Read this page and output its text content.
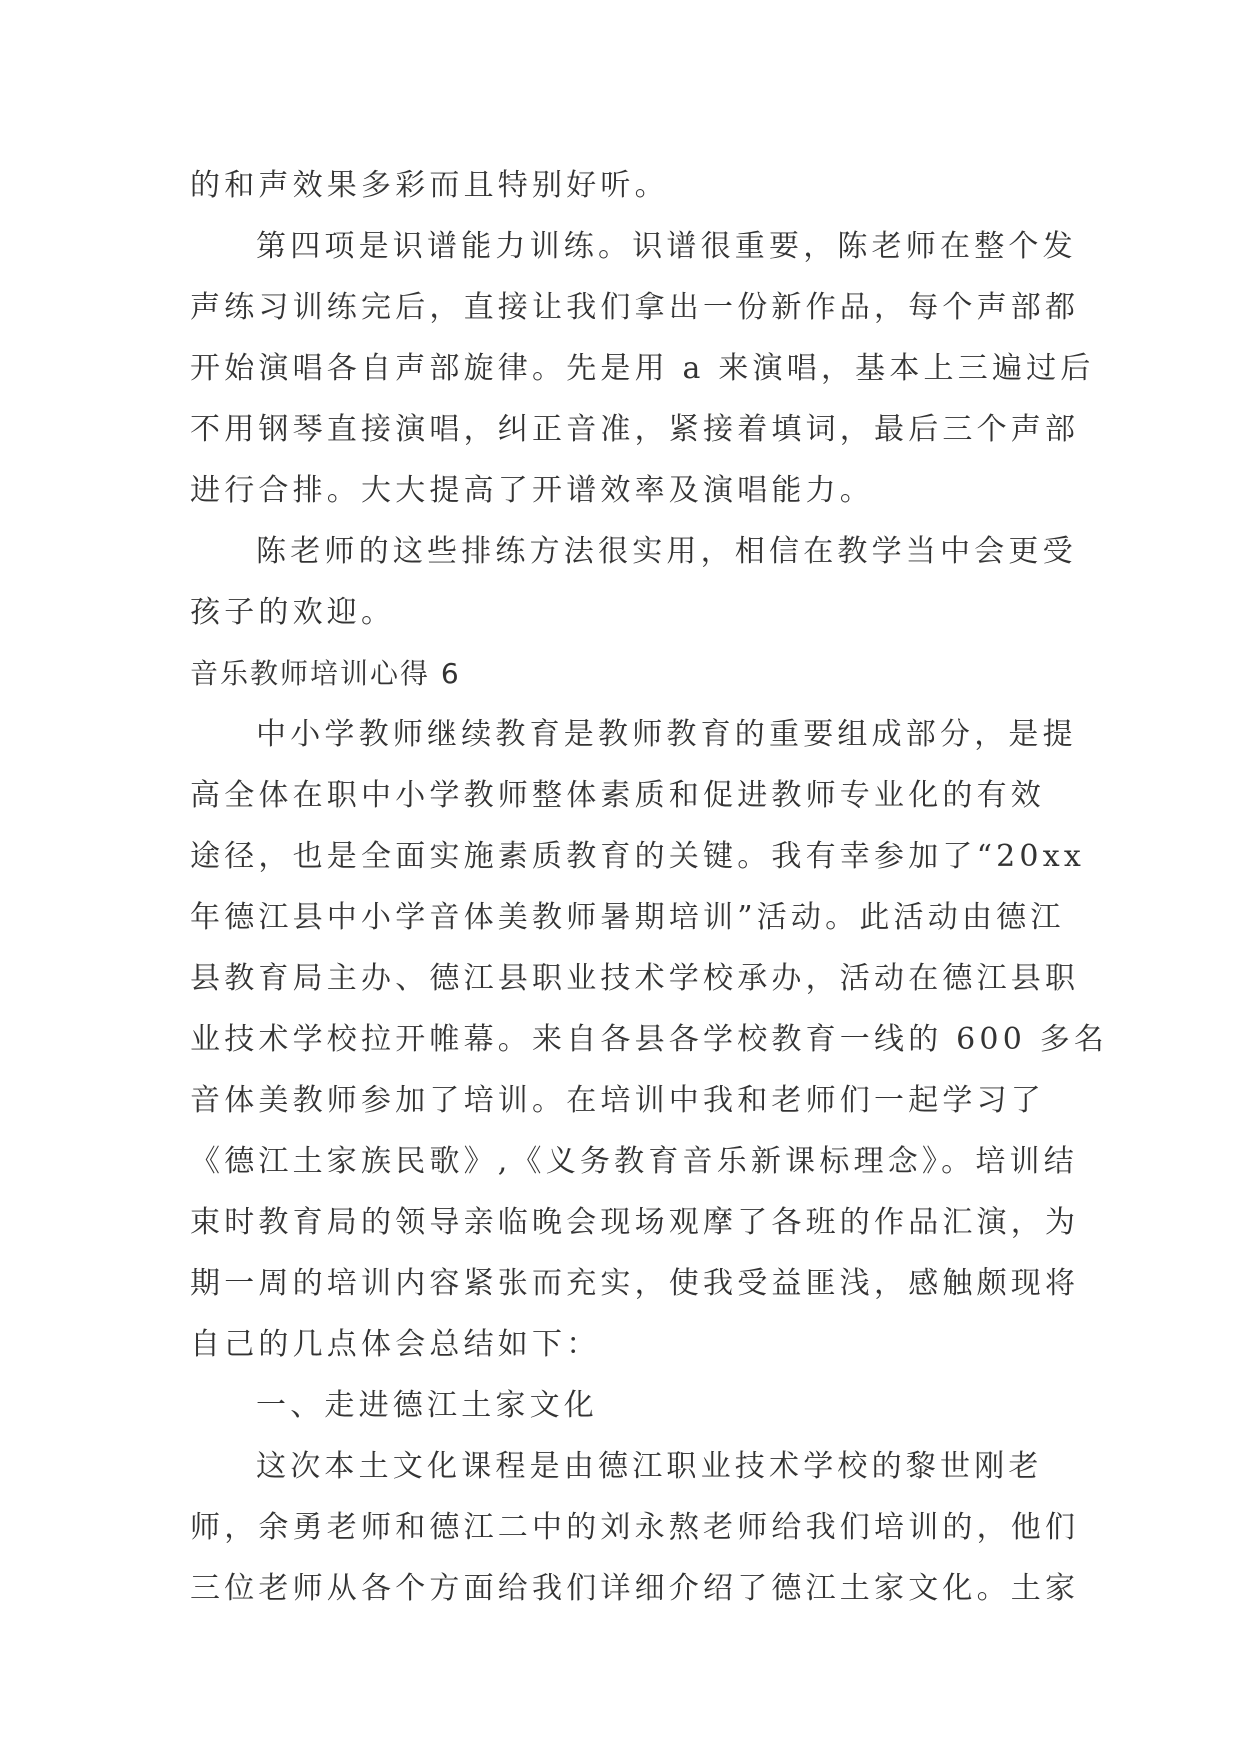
的和声效果多彩而且特别好听。
第四项是识谱能力训练。识谱很重要，陈老师在整个发
声练习训练完后，直接让我们拿出一份新作品，每个声部都
开始演唱各自声部旋律。先是用 a 来演唱，基本上三遍过后
不用钢琴直接演唱，纠正音准，紧接着填词，最后三个声部
进行合排。大大提高了开谱效率及演唱能力。
陈老师的这些排练方法很实用，相信在教学当中会更受
孩子的欢迎。
音乐教师培训心得 6
中小学教师继续教育是教师教育的重要组成部分，是提
高全体在职中小学教师整体素质和促进教师专业化的有效
途径，也是全面实施素质教育的关键。我有幸参加了“20xx
年德江县中小学音体美教师暑期培训”活动。此活动由德江
县教育局主办、德江县职业技术学校承办，活动在德江县职
业技术学校拉开帷幕。来自各县各学校教育一线的 600 多名
音体美教师参加了培训。在培训中我和老师们一起学习了
《德江土家族民歌》,《义务教育音乐新课标理念》。培训结
束时教育局的领导亲临晚会现场观摩了各班的作品汇演，为
期一周的培训内容紧张而充实，使我受益匪浅，感触颇现将
自己的几点体会总结如下：
一、走进德江土家文化
这次本土文化课程是由德江职业技术学校的黎世刚老
师，余勇老师和德江二中的刘永熬老师给我们培训的，他们
三位老师从各个方面给我们详细介绍了德江土家文化。土家
